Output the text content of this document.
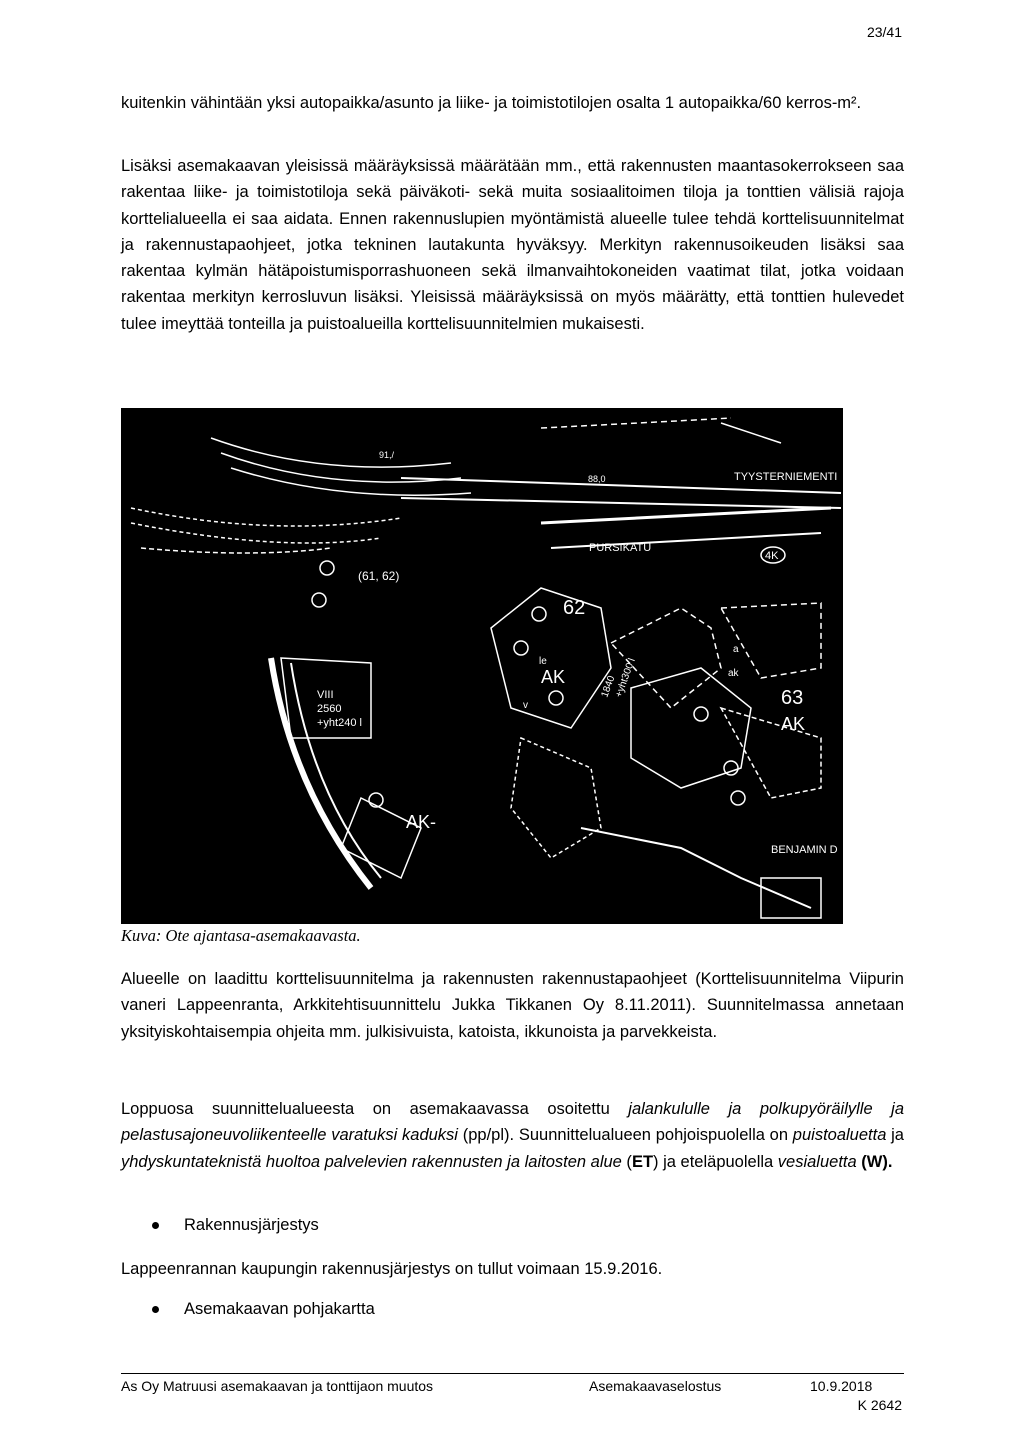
23/41

kuitenkin vähintään yksi autopaikka/asunto ja liike- ja toimistotilojen osalta 1 autopaikka/60 kerros-m².

Lisäksi asemakaavan yleisissä määräyksissä määrätään mm., että rakennusten maantasokerrokseen saa rakentaa liike- ja toimistotiloja sekä päiväkoti- sekä muita sosiaalitoimen tiloja ja tonttien välisiä rajoja korttelialueella ei saa aidata. Ennen rakennuslupien myöntämistä alueelle tulee tehdä korttelisuunnitelmat ja rakennustapaohjeet, jotka tekninen lautakunta hyväksyy. Merkityn rakennusoikeuden lisäksi saa rakentaa kylmän hätäpoistumisporrashuoneen sekä ilmanvaihtokoneiden vaatimat tilat, jotka voidaan rakentaa merkityn kerrosluvun lisäksi. Yleisissä määräyksissä on myös määrätty, että tonttien hulevedet tulee imeyttää tonteilla ja puistoalueilla korttelisuunnitelmien mukaisesti.

TYYSTERNIEMENTI
PURSIKATU
BENJAMIN D
(61, 62)
62
63
AK
AK
AK-
4K
88,0
91,/
VIII
2560
+yht240 l
1840
+yht300 l
le
ak
a
v
Kuva: Ote ajantasa-asemakaavasta.

Alueelle on laadittu korttelisuunnitelma ja rakennusten rakennustapaohjeet (Korttelisuunnitelma Viipurin vaneri Lappeenranta, Arkkitehtisuunnittelu Jukka Tikkanen Oy 8.11.2011). Suunnitelmassa annetaan yksityiskohtaisempia ohjeita mm. julkisivuista, katoista, ikkunoista ja parvekkeista.

Loppuosa suunnittelualueesta on asemakaavassa osoitettu jalankululle ja polkupyöräilylle ja pelastusajoneuvoliikenteelle varatuksi kaduksi (pp/pl). Suunnittelualueen pohjoispuolella on puistoaluetta ja yhdyskuntateknistä huoltoa palvelevien rakennusten ja laitosten alue (ET) ja eteläpuolella vesialuetta (W).

Rakennusjärjestys
Lappeenrannan kaupungin rakennusjärjestys on tullut voimaan 15.9.2016.
Asemakaavan pohjakartta
As Oy Matruusi asemakaavan ja tonttijaon muutos	Asemakaavaselostus	10.9.2018
K 2642
